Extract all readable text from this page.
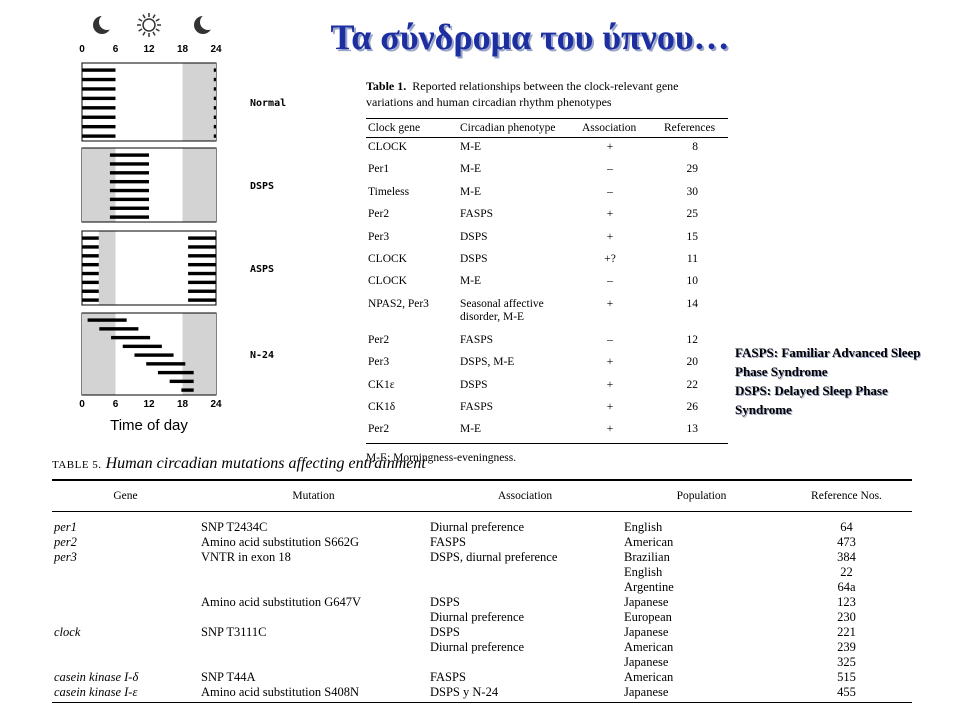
Τα σύνδρομα του ύπνου…
0	6	12 18 24
Normal
DSPS
ASPS
N-24
0	6	12 18 24
Time of day
Table 1. Reported relationships between the clock-relevant gene variations and human circadian rhythm phenotypes
Clock gene	Circadian phenotype	Association	References
CLOCK	M-E	+	8
Per1	M-E	–	29
Timeless	M-E	–	30
Per2	FASPS	+	25
Per3	DSPS	+	15
CLOCK	DSPS	+?	11
CLOCK	M-E	–	10
NPAS2, Per3	Seasonal affective disorder, M-E	+	14
Per2	FASPS	–	12
Per3	DSPS, M-E	+	20
CK1ε	DSPS	+	22
CK1δ	FASPS	+	26
Per2	M-E	+	13
M-E: Morningness-eveningness.
FASPS: Familiar Advanced Sleep Phase Syndrome
DSPS: Delayed Sleep Phase Syndrome
TABLE 5. Human circadian mutations affecting entrainment
Gene	Mutation	Association	Population	Reference Nos.
per1	SNP T2434C	Diurnal preference	English	64
per2	Amino acid substitution S662G	FASPS	American	473
per3	VNTR in exon 18	DSPS, diurnal preference	Brazilian	384
			English	22
			Argentine	64a
	Amino acid substitution G647V	DSPS	Japanese	123
		Diurnal preference	European	230
clock	SNP T3111C	DSPS	Japanese	221
		Diurnal preference	American	239
			Japanese	325
casein kinase I-δ	SNP T44A	FASPS	American	515
casein kinase I-ε	Amino acid substitution S408N	DSPS y N-24	Japanese	455
